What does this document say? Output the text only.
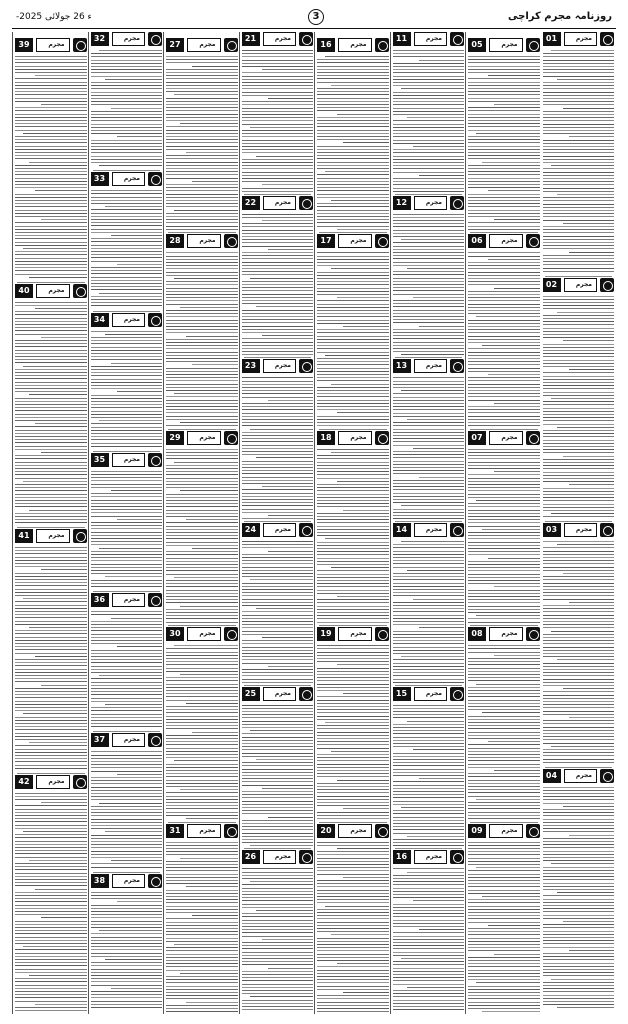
-2025 ء 26 جولائی	3	روزنامہ مجرم کراچی
مجرم
01
مجرم
02
مجرم
03
مجرم
04
مجرم
05
مجرم
06
مجرم
07
مجرم
08
مجرم
09
مجرم
11
مجرم
12
مجرم
13
مجرم
14
مجرم
15
مجرم
16
مجرم
16
مجرم
17
مجرم
18
مجرم
19
مجرم
20
مجرم
21
مجرم
22
مجرم
23
مجرم
24
مجرم
25
مجرم
26
مجرم
27
مجرم
28
مجرم
29
مجرم
30
مجرم
31
مجرم
32
مجرم
33
مجرم
34
مجرم
35
مجرم
36
مجرم
37
مجرم
38
مجرم
39
مجرم
40
مجرم
41
مجرم
42
